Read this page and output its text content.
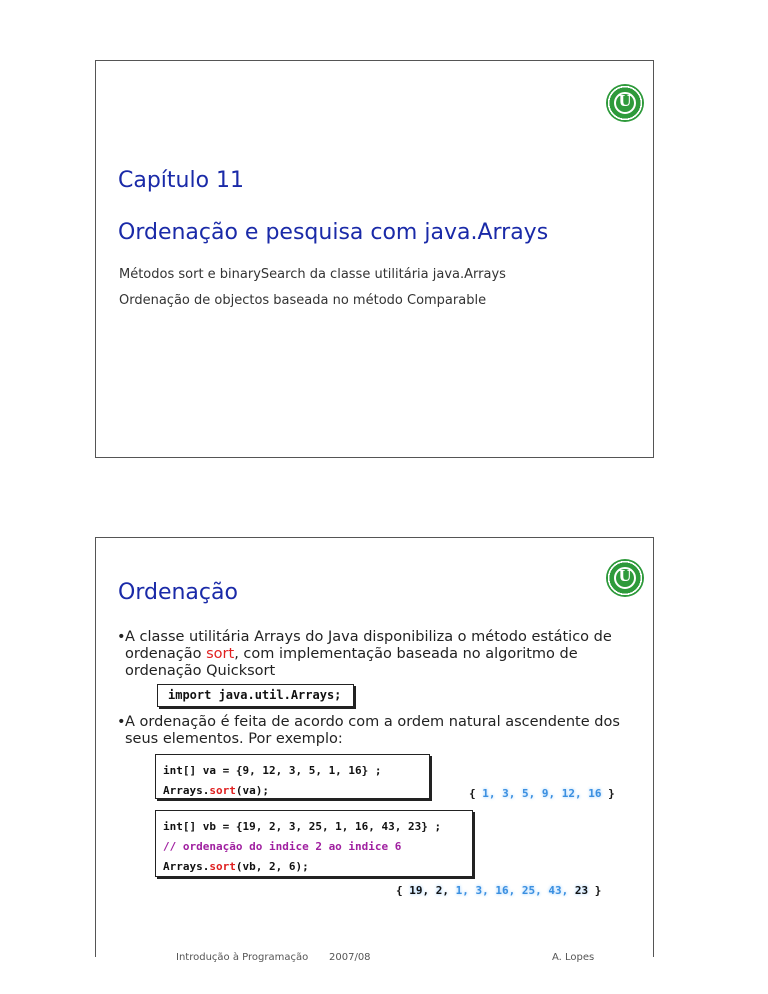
U
Capítulo 11
Ordenação e pesquisa com java.Arrays

Métodos sort e binarySearch da classe utilitária java.Arrays

Ordenação de objectos baseada no método Comparable

U
Ordenação
• A classe utilitária Arrays do Java disponibiliza o método estático de ordenação sort, com implementação baseada no algoritmo de ordenação Quicksort
import java.util.Arrays;
• A ordenação é feita de acordo com a ordem natural ascendente dos seus elementos. Por exemplo:
int[] va = {9, 12, 3, 5, 1, 16} ;
Arrays.sort(va);	{ 1, 3, 5, 9, 12, 16 }
int[] vb = {19, 2, 3, 25, 1, 16, 43, 23} ;
// ordenação do indice 2 ao indice 6
Arrays.sort(vb, 2, 6);
{ 19, 2, 1, 3, 16, 25, 43, 23 }
Introdução à Programação 2007/08	A. Lopes
